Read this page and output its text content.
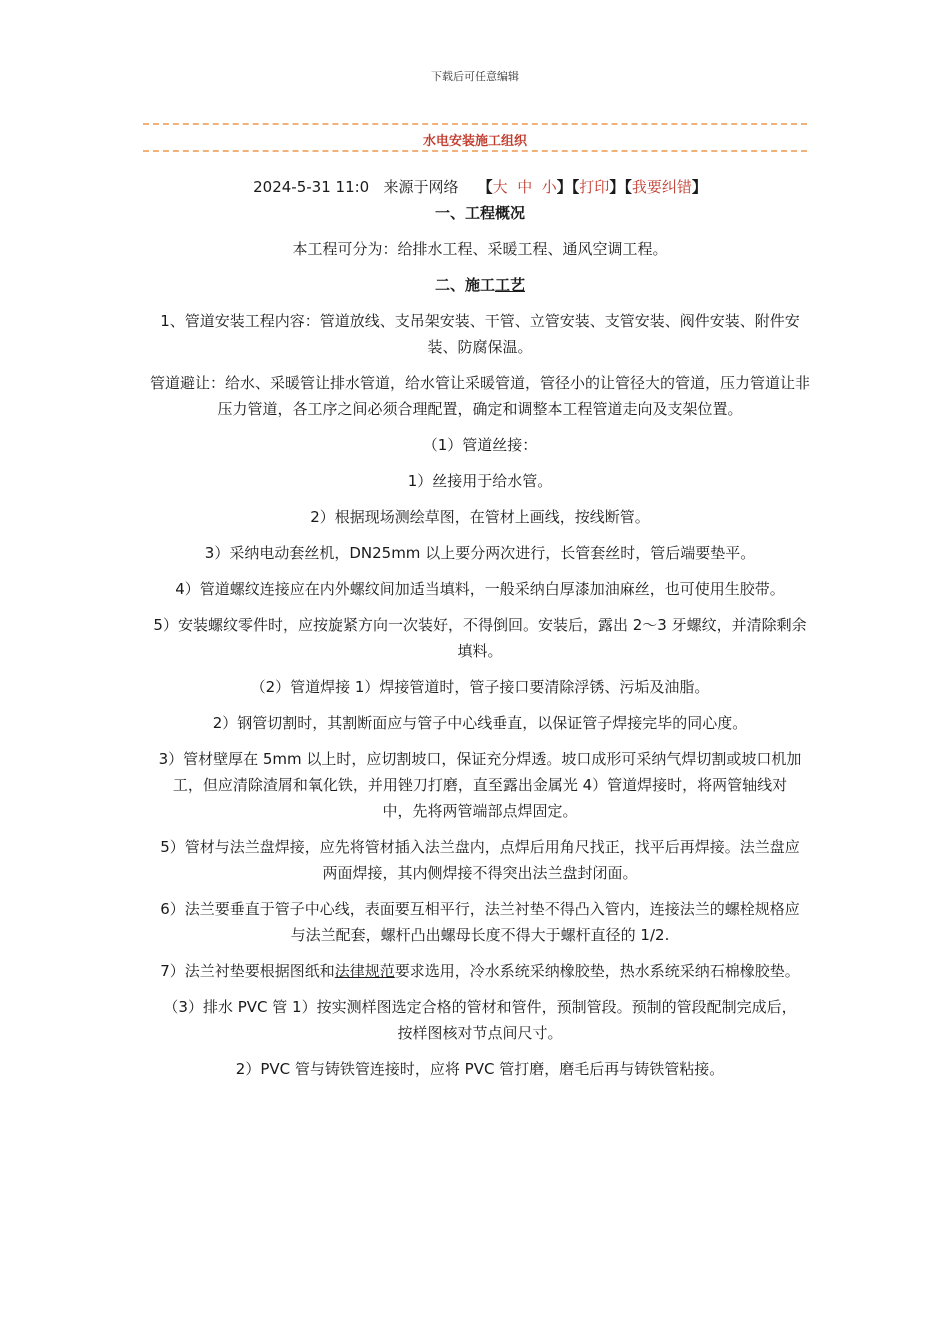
下载后可任意编辑
水电安装施工组织

2024-5-31 11:0 来源于网络 【大 中 小】【打印】【我要纠错】

一、工程概况

本工程可分为：给排水工程、采暖工程、通风空调工程。

二、施工工艺

1、管道安装工程内容：管道放线、支吊架安装、干管、立管安装、支管安装、阀件安装、附件安装、防腐保温。

管道避让：给水、采暖管让排水管道，给水管让采暖管道，管径小的让管径大的管道，压力管道让非压力管道，各工序之间必须合理配置，确定和调整本工程管道走向及支架位置。

（1）管道丝接：

1）丝接用于给水管。

2）根据现场测绘草图，在管材上画线，按线断管。

3）采纳电动套丝机，DN25mm 以上要分两次进行，长管套丝时，管后端要垫平。

4）管道螺纹连接应在内外螺纹间加适当填料，一般采纳白厚漆加油麻丝，也可使用生胶带。

5）安装螺纹零件时，应按旋紧方向一次装好，不得倒回。安装后，露出 2～3 牙螺纹，并清除剩余填料。

（2）管道焊接 1）焊接管道时，管子接口要清除浮锈、污垢及油脂。

2）钢管切割时，其割断面应与管子中心线垂直，以保证管子焊接完毕的同心度。

3）管材壁厚在 5mm 以上时，应切割坡口，保证充分焊透。坡口成形可采纳气焊切割或坡口机加工，但应清除渣屑和氧化铁，并用锉刀打磨，直至露出金属光 4）管道焊接时，将两管轴线对中，先将两管端部点焊固定。

5）管材与法兰盘焊接，应先将管材插入法兰盘内，点焊后用角尺找正，找平后再焊接。法兰盘应两面焊接，其内侧焊接不得突出法兰盘封闭面。

6）法兰要垂直于管子中心线，表面要互相平行，法兰衬垫不得凸入管内，连接法兰的螺栓规格应与法兰配套，螺杆凸出螺母长度不得大于螺杆直径的 1/2.

7）法兰衬垫要根据图纸和法律规范要求选用，冷水系统采纳橡胶垫，热水系统采纳石棉橡胶垫。

（3）排水 PVC 管 1）按实测样图选定合格的管材和管件，预制管段。预制的管段配制完成后，按样图核对节点间尺寸。

2）PVC 管与铸铁管连接时，应将 PVC 管打磨，磨毛后再与铸铁管粘接。
